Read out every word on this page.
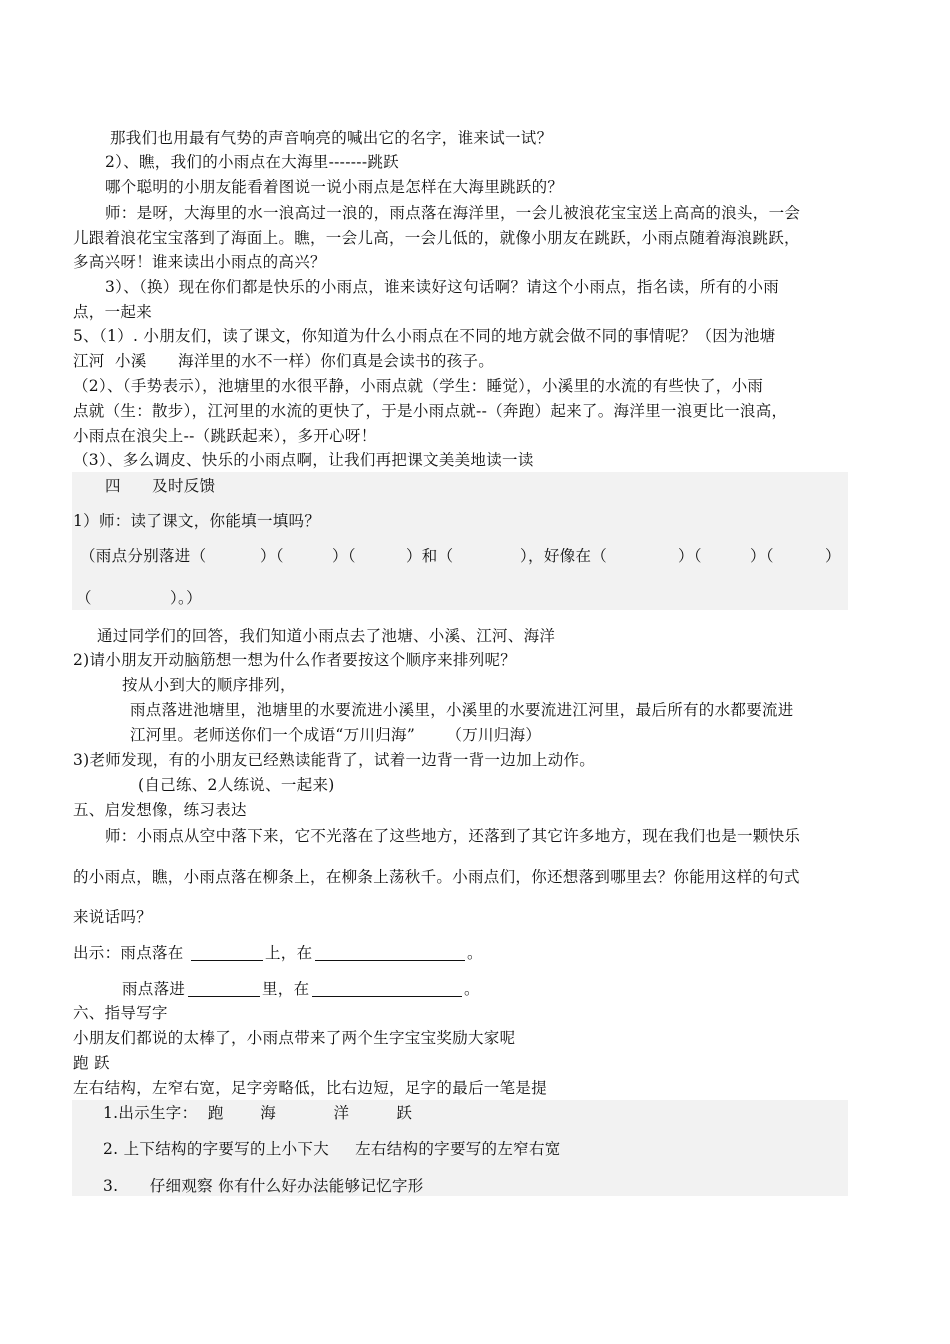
那我们也用最有气势的声音响亮的喊出它的名字，谁来试一试？
2）、瞧，我们的小雨点在大海里-------跳跃
哪个聪明的小朋友能看着图说一说小雨点是怎样在大海里跳跃的？
师：是呀，大海里的水一浪高过一浪的，雨点落在海洋里，一会儿被浪花宝宝送上高高的浪头，一会
儿跟着浪花宝宝落到了海面上。瞧，一会儿高，一会儿低的，就像小朋友在跳跃，小雨点随着海浪跳跃，
多高兴呀！谁来读出小雨点的高兴？
3）、（换）现在你们都是快乐的小雨点，谁来读好这句话啊？请这个小雨点，指名读，所有的小雨
点，一起来
5、（1）. 小朋友们，读了课文，你知道为什么小雨点在不同的地方就会做不同的事情呢？（因为池塘
江河  小溪      海洋里的水不一样）你们真是会读书的孩子。
（2）、（手势表示），池塘里的水很平静，小雨点就（学生：睡觉），小溪里的水流的有些快了，小雨
点就（生：散步），江河里的水流的更快了，于是小雨点就--（奔跑）起来了。海洋里一浪更比一浪高，
小雨点在浪尖上--（跳跃起来），多开心呀！
（3）、多么调皮、快乐的小雨点啊，让我们再把课文美美地读一读
四      及时反馈
1）师：读了课文，你能填一填吗？
（雨点分别落进（	）（	）（	）和（	），好像在（	）（	）（	）
（	）。）
通过同学们的回答，我们知道小雨点去了池塘、小溪、江河、海洋
2)请小朋友开动脑筋想一想为什么作者要按这个顺序来排列呢？
按从小到大的顺序排列，
雨点落进池塘里，池塘里的水要流进小溪里，小溪里的水要流进江河里，最后所有的水都要流进
江河里。老师送你们一个成语“万川归海”      （万川归海）
3)老师发现，有的小朋友已经熟读能背了，试着一边背一背一边加上动作。
(自己练、2人练说、一起来)
五、启发想像，练习表达
师：小雨点从空中落下来，它不光落在了这些地方，还落到了其它许多地方，现在我们也是一颗快乐
的小雨点，瞧，小雨点落在柳条上，在柳条上荡秋千。小雨点们，你还想落到哪里去？你能用这样的句式
来说话吗？
出示：雨点落在	上，在	。
雨点落进	里，在	。
六、指导写字
小朋友们都说的太棒了，小雨点带来了两个生字宝宝奖励大家呢
跑 跃
左右结构，左窄右宽，足字旁略低，比右边短，足字的最后一笔是提
1.出示生字：  跑       海           洋         跃
2. 上下结构的字要写的上小下大     左右结构的字要写的左窄右宽
3.      仔细观察 你有什么好办法能够记忆字形
